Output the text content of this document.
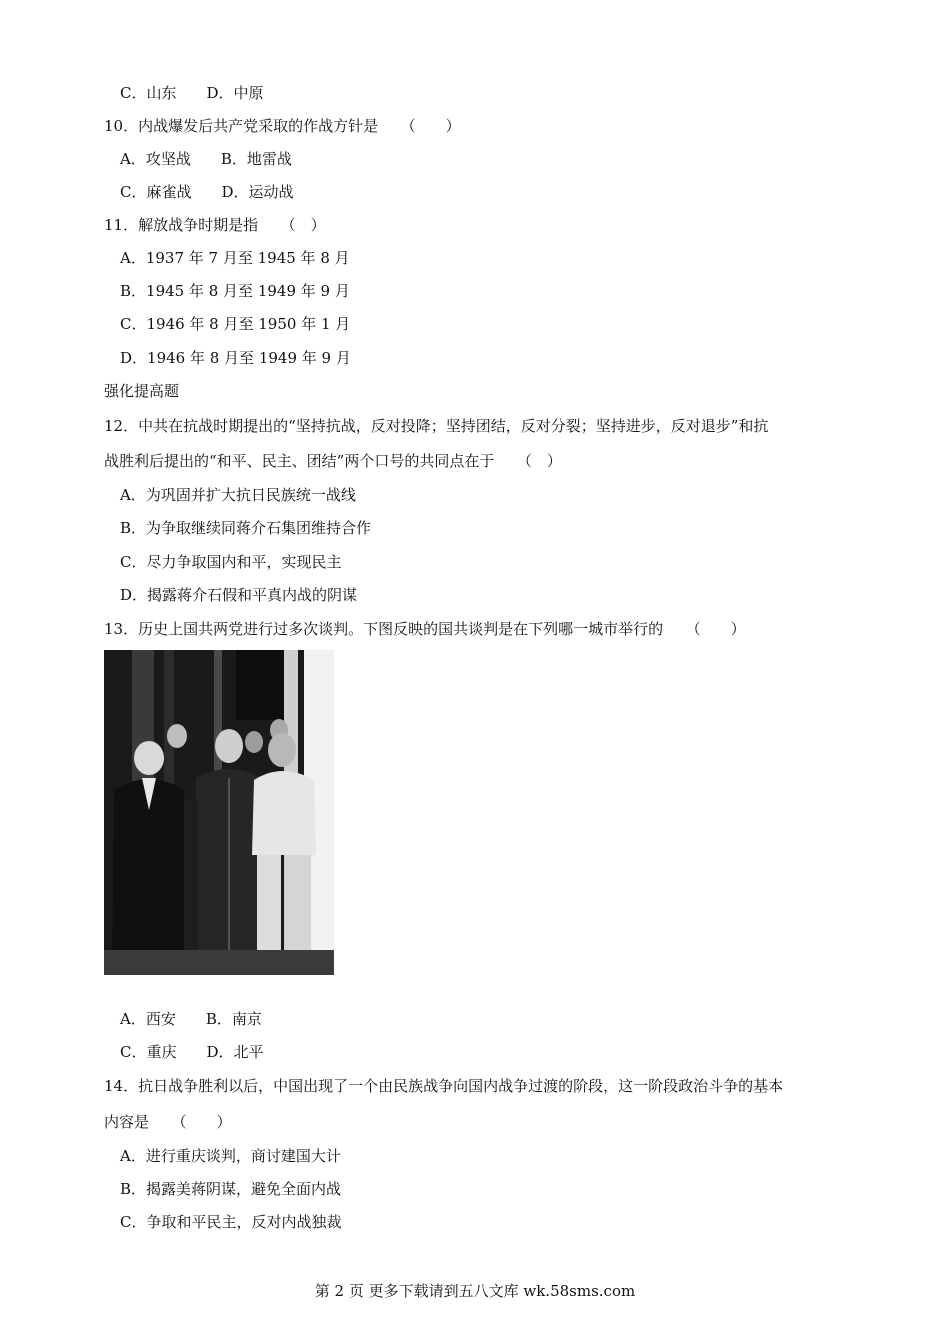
C．山东　　D．中原
10．内战爆发后共产党采取的作战方针是　　（　　）
A．攻坚战　　B．地雷战
C．麻雀战　　D．运动战
11．解放战争时期是指　　（　）
A．1937 年 7 月至 1945 年 8 月
B．1945 年 8 月至 1949 年 9 月
C．1946 年 8 月至 1950 年 1 月
D．1946 年 8 月至 1949 年 9 月
强化提高题
12．中共在抗战时期提出的“坚持抗战，反对投降；坚持团结，反对分裂；坚持进步，反对退步”和抗
战胜利后提出的“和平、民主、团结”两个口号的共同点在于　　（　）
A．为巩固并扩大抗日民族统一战线
B．为争取继续同蒋介石集团维持合作
C．尽力争取国内和平，实现民主
D．揭露蒋介石假和平真内战的阴谋
13．历史上国共两党进行过多次谈判。下图反映的国共谈判是在下列哪一城市举行的　　（　　）
A．西安　　B．南京
C．重庆　　D．北平
14．抗日战争胜利以后，中国出现了一个由民族战争向国内战争过渡的阶段，这一阶段政治斗争的基本
内容是　　（　　）
A．进行重庆谈判，商讨建国大计
B．揭露美蒋阴谋，避免全面内战
C．争取和平民主，反对内战独裁
第 2 页 更多下载请到五八文库 wk.58sms.com
